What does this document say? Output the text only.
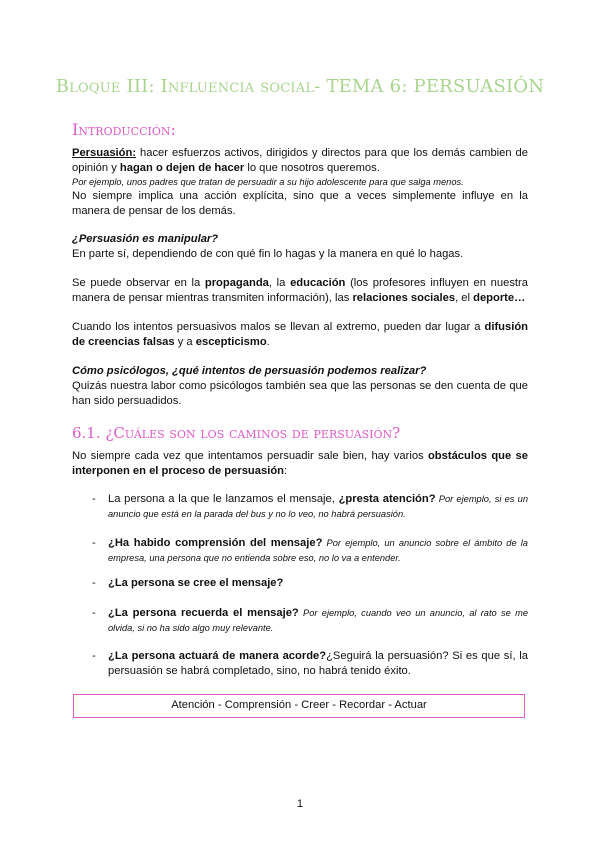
Bloque III: Influencia social- TEMA 6: PERSUASIÓN
Introducción:

Persuasión: hacer esfuerzos activos, dirigidos y directos para que los demás cambien de opinión y hagan o dejen de hacer lo que nosotros queremos.

Por ejemplo, unos padres que tratan de persuadir a su hijo adolescente para que salga menos.

No siempre implica una acción explícita, sino que a veces simplemente influye en la manera de pensar de los demás.

¿Persuasión es manipular?

En parte sí, dependiendo de con qué fin lo hagas y la manera en qué lo hagas.

Se puede observar en la propaganda, la educación (los profesores influyen en nuestra manera de pensar mientras transmiten información), las relaciones sociales, el deporte…

Cuando los intentos persuasivos malos se llevan al extremo, pueden dar lugar a difusión de creencias falsas y a escepticismo.

Cómo psicólogos, ¿qué intentos de persuasión podemos realizar?

Quizás nuestra labor como psicólogos también sea que las personas se den cuenta de que han sido persuadidos.

6.1. ¿Cuáles son los caminos de persuasión?

No siempre cada vez que intentamos persuadir sale bien, hay varios obstáculos que se interponen en el proceso de persuasión:

- La persona a la que le lanzamos el mensaje, ¿presta atención? Por ejemplo, si es un anuncio que está en la parada del bus y no lo veo, no habrá persuasión.
- ¿Ha habido comprensión del mensaje? Por ejemplo, un anuncio sobre el ámbito de la empresa, una persona que no entienda sobre eso, no lo va a entender.
- ¿La persona se cree el mensaje?
- ¿La persona recuerda el mensaje? Por ejemplo, cuando veo un anuncio, al rato se me olvida, si no ha sido algo muy relevante.
- ¿La persona actuará de manera acorde?¿Seguirá la persuasión? Si es que sí, la persuasión se habrá completado, sino, no habrá tenido éxito.
Atención - Comprensión - Creer - Recordar - Actuar
1
